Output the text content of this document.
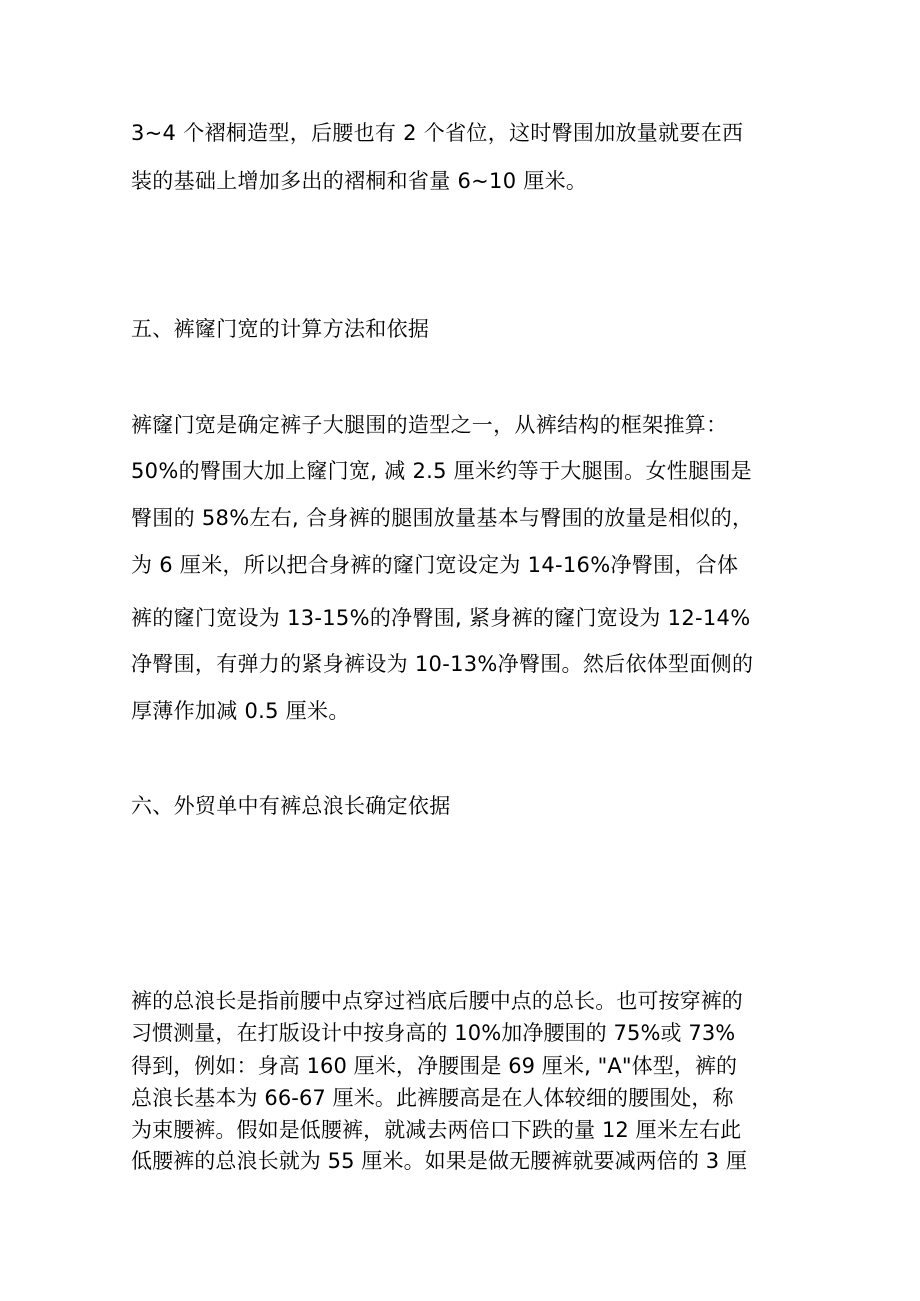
3~4 个褶桐造型，后腰也有 2 个省位，这时臀围加放量就要在西
装的基础上增加多出的褶桐和省量 6~10 厘米。
五、裤窿门宽的计算方法和依据
裤窿门宽是确定裤子大腿围的造型之一，从裤结构的框架推算：
50%的臀围大加上窿门宽, 减 2.5 厘米约等于大腿围。女性腿围是
臀围的 58%左右, 合身裤的腿围放量基本与臀围的放量是相似的，
为 6 厘米，所以把合身裤的窿门宽设定为 14-16%净臀围，合体
裤的窿门宽设为 13-15%的净臀围, 紧身裤的窿门宽设为 12-14%
净臀围，有弹力的紧身裤设为 10-13%净臀围。然后依体型面侧的
厚薄作加减 0.5 厘米。
六、外贸单中有裤总浪长确定依据
裤的总浪长是指前腰中点穿过裆底后腰中点的总长。也可按穿裤的
习惯测量，在打版设计中按身高的 10%加净腰围的 75%或 73%
得到，例如：身高 160 厘米，净腰围是 69 厘米, "A"体型，裤的
总浪长基本为 66-67 厘米。此裤腰高是在人体较细的腰围处，称
为束腰裤。假如是低腰裤，就减去两倍口下跌的量 12 厘米左右此
低腰裤的总浪长就为 55 厘米。如果是做无腰裤就要减两倍的 3 厘
